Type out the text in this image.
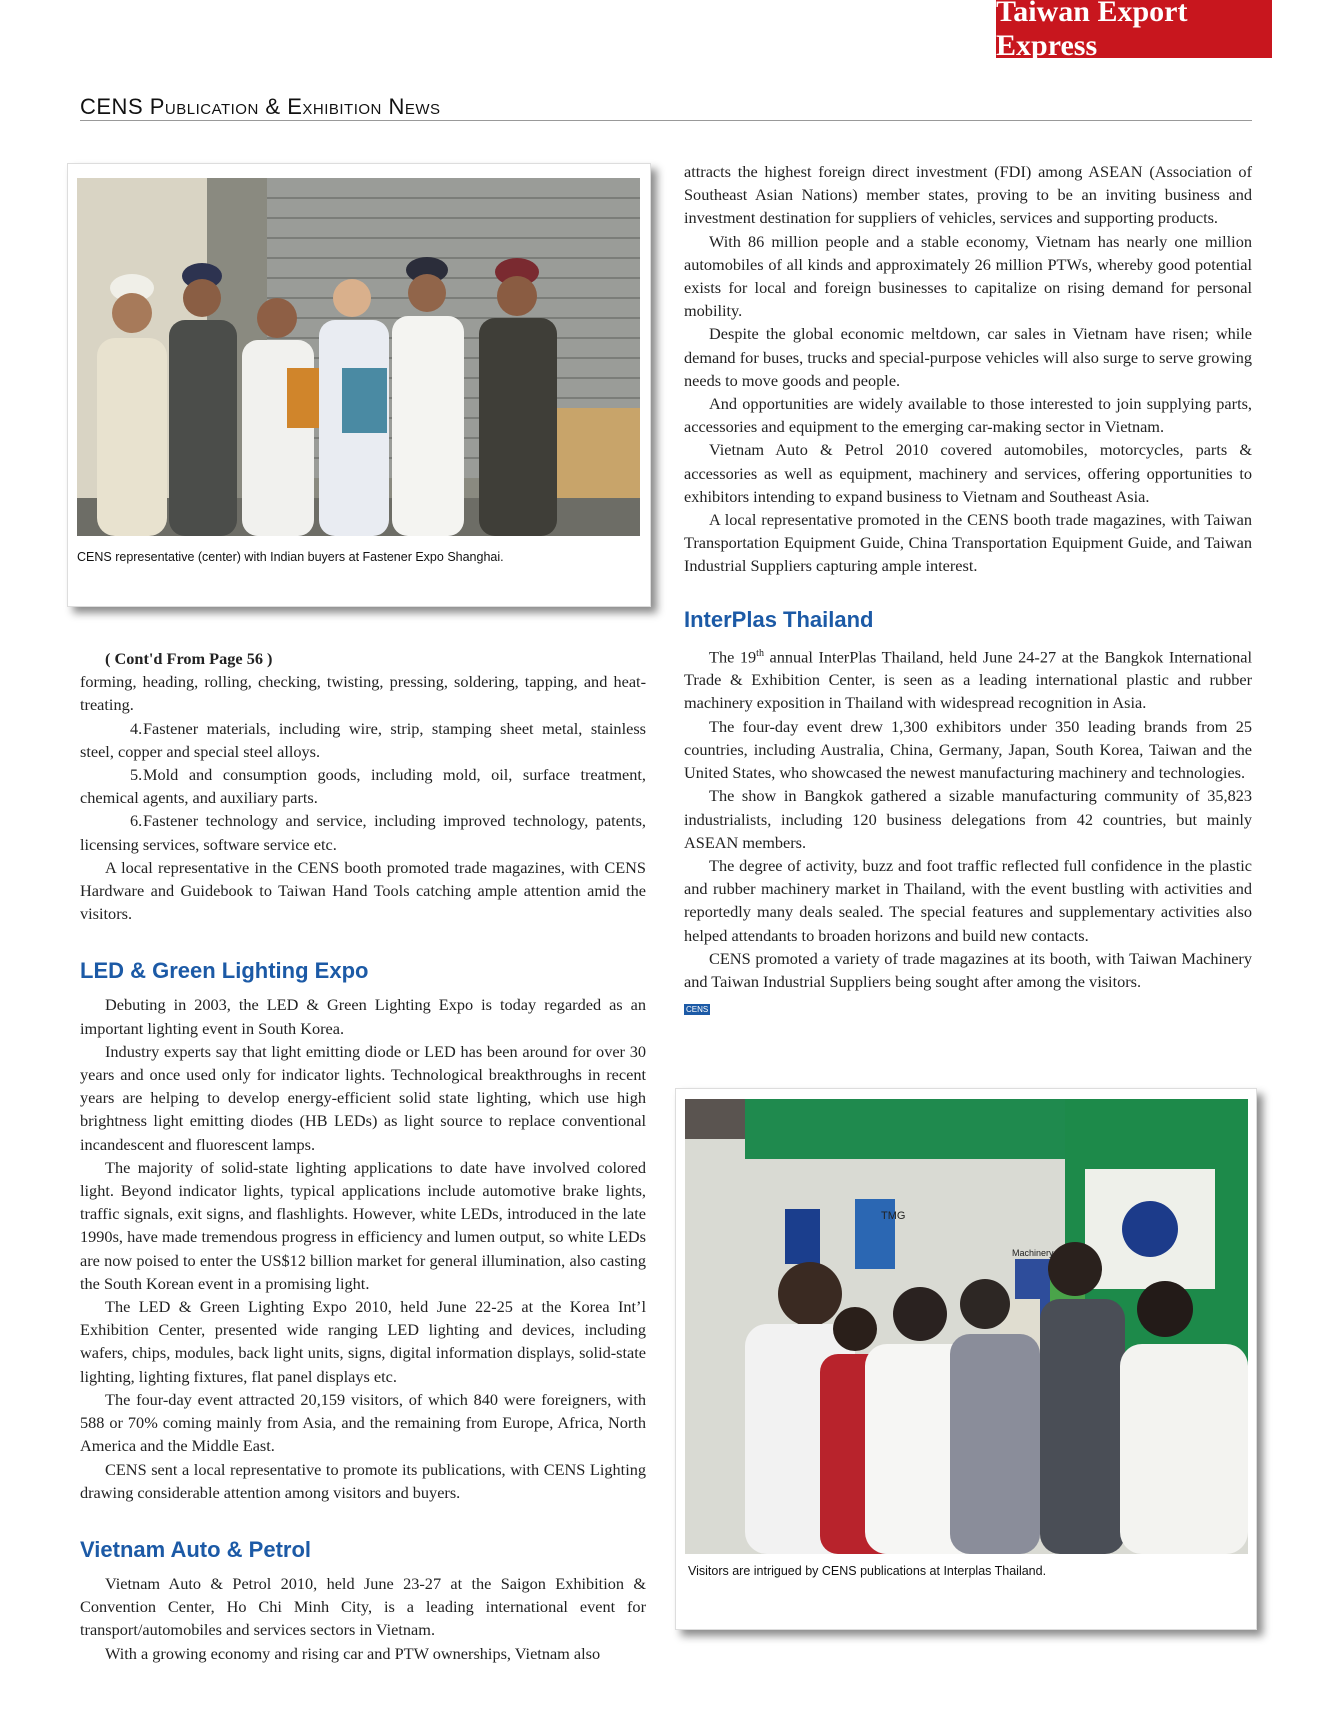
Taiwan Export Express
CENS Publication & Exhibition News
CENS representative (center) with Indian buyers at Fastener Expo Shanghai.

( Cont'd From Page 56 )

forming, heading, rolling, checking, twisting, pressing, soldering, tapping, and heat-treating.

4.Fastener materials, including wire, strip, stamping sheet metal, stainless steel, copper and special steel alloys.

5.Mold and consumption goods, including mold, oil, surface treatment, chemical agents, and auxiliary parts.

6.Fastener technology and service, including improved technology, patents, licensing services, software service etc.

A local representative in the CENS booth promoted trade magazines, with CENS Hardware and Guidebook to Taiwan Hand Tools catching ample attention amid the visitors.

LED & Green Lighting Expo

Debuting in 2003, the LED & Green Lighting Expo is today regarded as an important lighting event in South Korea.

Industry experts say that light emitting diode or LED has been around for over 30 years and once used only for indicator lights. Technological breakthroughs in recent years are helping to develop energy-efficient solid state lighting, which use high brightness light emitting diodes (HB LEDs) as light source to replace conventional incandescent and fluorescent lamps.

The majority of solid-state lighting applications to date have involved colored light. Beyond indicator lights, typical applications include automotive brake lights, traffic signals, exit signs, and flashlights. However, white LEDs, introduced in the late 1990s, have made tremendous progress in efficiency and lumen output, so white LEDs are now poised to enter the US$12 billion market for general illumination, also casting the South Korean event in a promising light.

The LED & Green Lighting Expo 2010, held June 22-25 at the Korea Int’l Exhibition Center, presented wide ranging LED lighting and devices, including wafers, chips, modules, back light units, signs, digital information displays, solid-state lighting, lighting fixtures, flat panel displays etc.

The four-day event attracted 20,159 visitors, of which 840 were foreigners, with 588 or 70% coming mainly from Asia, and the remaining from Europe, Africa, North America and the Middle East.

CENS sent a local representative to promote its publications, with CENS Lighting drawing considerable attention among visitors and buyers.

Vietnam Auto & Petrol

Vietnam Auto & Petrol 2010, held June 23-27 at the Saigon Exhibition & Convention Center, Ho Chi Minh City, is a leading international event for transport/automobiles and services sectors in Vietnam.

With a growing economy and rising car and PTW ownerships, Vietnam also

attracts the highest foreign direct investment (FDI) among ASEAN (Association of Southeast Asian Nations) member states, proving to be an inviting business and investment destination for suppliers of vehicles, services and supporting products.

With 86 million people and a stable economy, Vietnam has nearly one million automobiles of all kinds and approximately 26 million PTWs, whereby good potential exists for local and foreign businesses to capitalize on rising demand for personal mobility.

Despite the global economic meltdown, car sales in Vietnam have risen; while demand for buses, trucks and special-purpose vehicles will also surge to serve growing needs to move goods and people.

And opportunities are widely available to those interested to join supplying parts, accessories and equipment to the emerging car-making sector in Vietnam.

Vietnam Auto & Petrol 2010 covered automobiles, motorcycles, parts & accessories as well as equipment, machinery and services, offering opportunities to exhibitors intending to expand business to Vietnam and Southeast Asia.

A local representative promoted in the CENS booth trade magazines, with Taiwan Transportation Equipment Guide, China Transportation Equipment Guide, and Taiwan Industrial Suppliers capturing ample interest.

InterPlas Thailand

The 19th annual InterPlas Thailand, held June 24-27 at the Bangkok International Trade & Exhibition Center, is seen as a leading international plastic and rubber machinery exposition in Thailand with widespread recognition in Asia.

The four-day event drew 1,300 exhibitors under 350 leading brands from 25 countries, including Australia, China, Germany, Japan, South Korea, Taiwan and the United States, who showcased the newest manufacturing machinery and technologies.

The show in Bangkok gathered a sizable manufacturing community of 35,823 industrialists, including 120 business delegations from 42 countries, but mainly ASEAN members.

The degree of activity, buzz and foot traffic reflected full confidence in the plastic and rubber machinery market in Thailand, with the event bustling with activities and reportedly many deals sealed. The special features and supplementary activities also helped attendants to broaden horizons and build new contacts.

CENS promoted a variety of trade magazines at its booth, with Taiwan Machinery and Taiwan Industrial Suppliers being sought after among the visitors.

CENS

TMG
Machinery
Visitors are intrigued by CENS publications at Interplas Thailand.
